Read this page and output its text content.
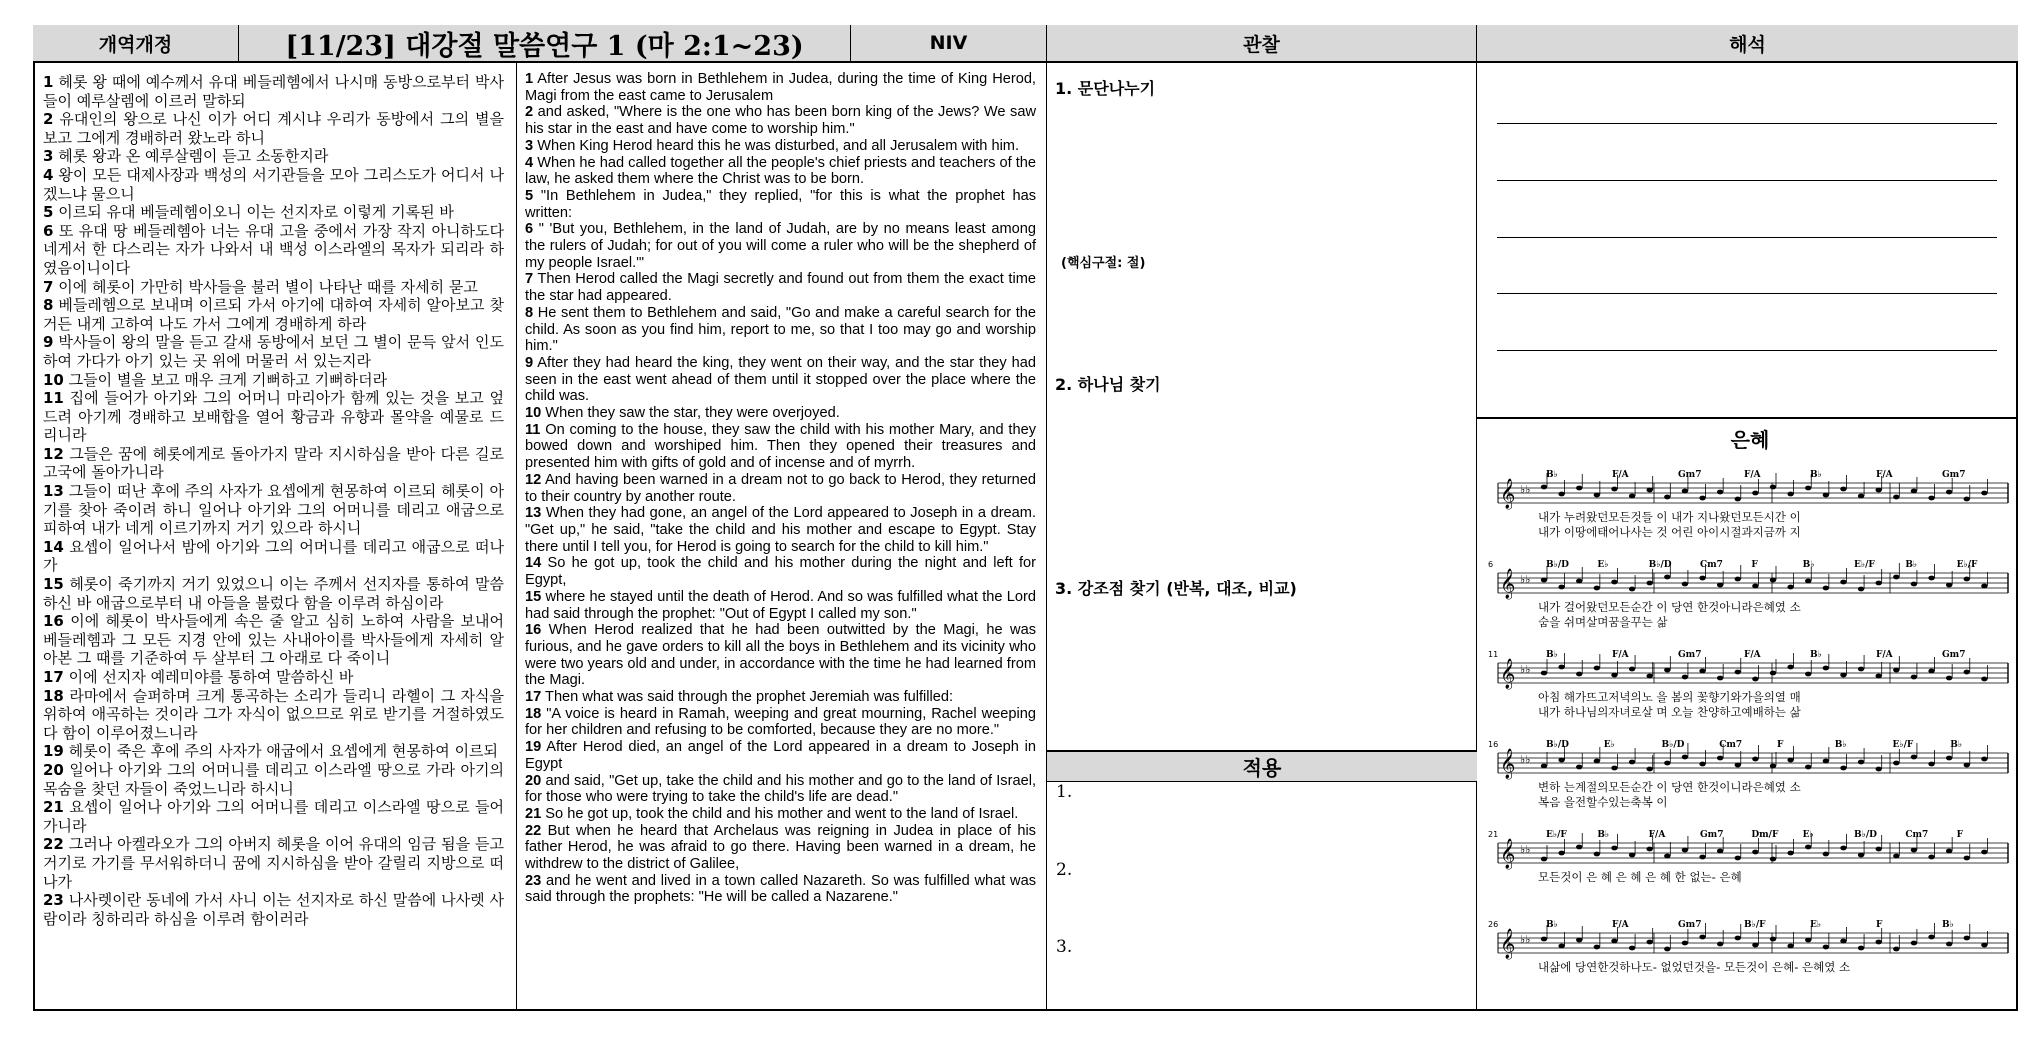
개역개정	[11/23] 대강절 말씀연구 1 (마 2:1~23)	NIV	관찰	해석

1 헤롯 왕 때에 예수께서 유대 베들레헴에서 나시매 동방으로부터 박사들이 예루살렘에 이르러 말하되

2 유대인의 왕으로 나신 이가 어디 계시냐 우리가 동방에서 그의 별을 보고 그에게 경배하러 왔노라 하니

3 헤롯 왕과 온 예루살렘이 듣고 소동한지라

4 왕이 모든 대제사장과 백성의 서기관들을 모아 그리스도가 어디서 나겠느냐 물으니

5 이르되 유대 베들레헴이오니 이는 선지자로 이렇게 기록된 바

6 또 유대 땅 베들레헴아 너는 유대 고을 중에서 가장 작지 아니하도다 네게서 한 다스리는 자가 나와서 내 백성 이스라엘의 목자가 되리라 하였음이니이다

7 이에 헤롯이 가만히 박사들을 불러 별이 나타난 때를 자세히 묻고

8 베들레헴으로 보내며 이르되 가서 아기에 대하여 자세히 알아보고 찾거든 내게 고하여 나도 가서 그에게 경배하게 하라

9 박사들이 왕의 말을 듣고 갈새 동방에서 보던 그 별이 문득 앞서 인도하여 가다가 아기 있는 곳 위에 머물러 서 있는지라

10 그들이 별을 보고 매우 크게 기뻐하고 기뻐하더라

11 집에 들어가 아기와 그의 어머니 마리아가 함께 있는 것을 보고 엎드려 아기께 경배하고 보배합을 열어 황금과 유향과 몰약을 예물로 드리니라

12 그들은 꿈에 헤롯에게로 돌아가지 말라 지시하심을 받아 다른 길로 고국에 돌아가니라

13 그들이 떠난 후에 주의 사자가 요셉에게 현몽하여 이르되 헤롯이 아기를 찾아 죽이려 하니 일어나 아기와 그의 어머니를 데리고 애굽으로 피하여 내가 네게 이르기까지 거기 있으라 하시니

14 요셉이 일어나서 밤에 아기와 그의 어머니를 데리고 애굽으로 떠나가

15 헤롯이 죽기까지 거기 있었으니 이는 주께서 선지자를 통하여 말씀하신 바 애굽으로부터 내 아들을 불렀다 함을 이루려 하심이라

16 이에 헤롯이 박사들에게 속은 줄 알고 심히 노하여 사람을 보내어 베들레헴과 그 모든 지경 안에 있는 사내아이를 박사들에게 자세히 알아본 그 때를 기준하여 두 살부터 그 아래로 다 죽이니

17 이에 선지자 예레미야를 통하여 말씀하신 바

18 라마에서 슬퍼하며 크게 통곡하는 소리가 들리니 라헬이 그 자식을 위하여 애곡하는 것이라 그가 자식이 없으므로 위로 받기를 거절하였도다 함이 이루어졌느니라

19 헤롯이 죽은 후에 주의 사자가 애굽에서 요셉에게 현몽하여 이르되

20 일어나 아기와 그의 어머니를 데리고 이스라엘 땅으로 가라 아기의 목숨을 찾던 자들이 죽었느니라 하시니

21 요셉이 일어나 아기와 그의 어머니를 데리고 이스라엘 땅으로 들어가니라

22 그러나 아켈라오가 그의 아버지 헤롯을 이어 유대의 임금 됨을 듣고 거기로 가기를 무서워하더니 꿈에 지시하심을 받아 갈릴리 지방으로 떠나가

23 나사렛이란 동네에 가서 사니 이는 선지자로 하신 말씀에 나사렛 사람이라 칭하리라 하심을 이루려 함이러라

1 After Jesus was born in Bethlehem in Judea, during the time of King Herod, Magi from the east came to Jerusalem

2 and asked, "Where is the one who has been born king of the Jews? We saw his star in the east and have come to worship him."

3 When King Herod heard this he was disturbed, and all Jerusalem with him.

4 When he had called together all the people's chief priests and teachers of the law, he asked them where the Christ was to be born.

5 "In Bethlehem in Judea," they replied, "for this is what the prophet has written:

6 " 'But you, Bethlehem, in the land of Judah, are by no means least among the rulers of Judah; for out of you will come a ruler who will be the shepherd of my people Israel.'"

7 Then Herod called the Magi secretly and found out from them the exact time the star had appeared.

8 He sent them to Bethlehem and said, "Go and make a careful search for the child. As soon as you find him, report to me, so that I too may go and worship him."

9 After they had heard the king, they went on their way, and the star they had seen in the east went ahead of them until it stopped over the place where the child was.

10 When they saw the star, they were overjoyed.

11 On coming to the house, they saw the child with his mother Mary, and they bowed down and worshiped him. Then they opened their treasures and presented him with gifts of gold and of incense and of myrrh.

12 And having been warned in a dream not to go back to Herod, they returned to their country by another route.

13 When they had gone, an angel of the Lord appeared to Joseph in a dream. "Get up," he said, "take the child and his mother and escape to Egypt. Stay there until I tell you, for Herod is going to search for the child to kill him."

14 So he got up, took the child and his mother during the night and left for Egypt,

15 where he stayed until the death of Herod. And so was fulfilled what the Lord had said through the prophet: "Out of Egypt I called my son."

16 When Herod realized that he had been outwitted by the Magi, he was furious, and he gave orders to kill all the boys in Bethlehem and its vicinity who were two years old and under, in accordance with the time he had learned from the Magi.

17 Then what was said through the prophet Jeremiah was fulfilled:

18 "A voice is heard in Ramah, weeping and great mourning, Rachel weeping for her children and refusing to be comforted, because they are no more."

19 After Herod died, an angel of the Lord appeared in a dream to Joseph in Egypt

20 and said, "Get up, take the child and his mother and go to the land of Israel, for those who were trying to take the child's life are dead."

21 So he got up, took the child and his mother and went to the land of Israel.

22 But when he heard that Archelaus was reigning in Judea in place of his father Herod, he was afraid to go there. Having been warned in a dream, he withdrew to the district of Galilee,

23 and he went and lived in a town called Nazareth. So was fulfilled what was said through the prophets: "He will be called a Nazarene."

1. 문단나누기
(핵심구절: 절)
2. 하나님 찾기
3. 강조점 찾기 (반복, 대조, 비교)
적용
1.
2.
3.
은혜
B♭	F/A	Gm7	F/A	B♭	F/A	Gm7
𝄞 ♭♭
내가 누려왔던모든것들 이 내가 지나왔던모든시간 이
내가 이땅에태어나사는 것 어린 아이시절과지금까 지
6	B♭/D	E♭	B♭/D	Cm7	F	B♭	E♭/F	B♭	E♭/F
𝄞 ♭♭
내가 걸어왔던모든순간 이 당연 한것아니라은혜였 소
숨을 쉬며살며꿈을꾸는 삶
11	B♭	F/A	Gm7	F/A	B♭	F/A	Gm7
𝄞 ♭♭
아침 해가뜨고저녁의노 을 봄의 꽃향기와가을의열 매
내가 하나님의자녀로살 며 오늘 찬양하고예배하는 삶
16	B♭/D	E♭	B♭/D	Cm7	F	B♭	E♭/F	B♭
𝄞 ♭♭
변하 는계절의모든순간 이 당연 한것이니라은혜였 소
복음 을전할수있는축복 이
21	E♭/F	B♭	F/A	Gm7	Dm/F	E♭	B♭/D	Cm7	F
𝄞 ♭♭
모든것이 은 혜 은 혜 은 혜 한 없는- 은혜
26	B♭	F/A	Gm7	B♭/F	E♭	F	B♭
𝄞 ♭♭
내삶에 당연한것하나도- 없었던것을- 모든것이 은혜- 은혜였 소
